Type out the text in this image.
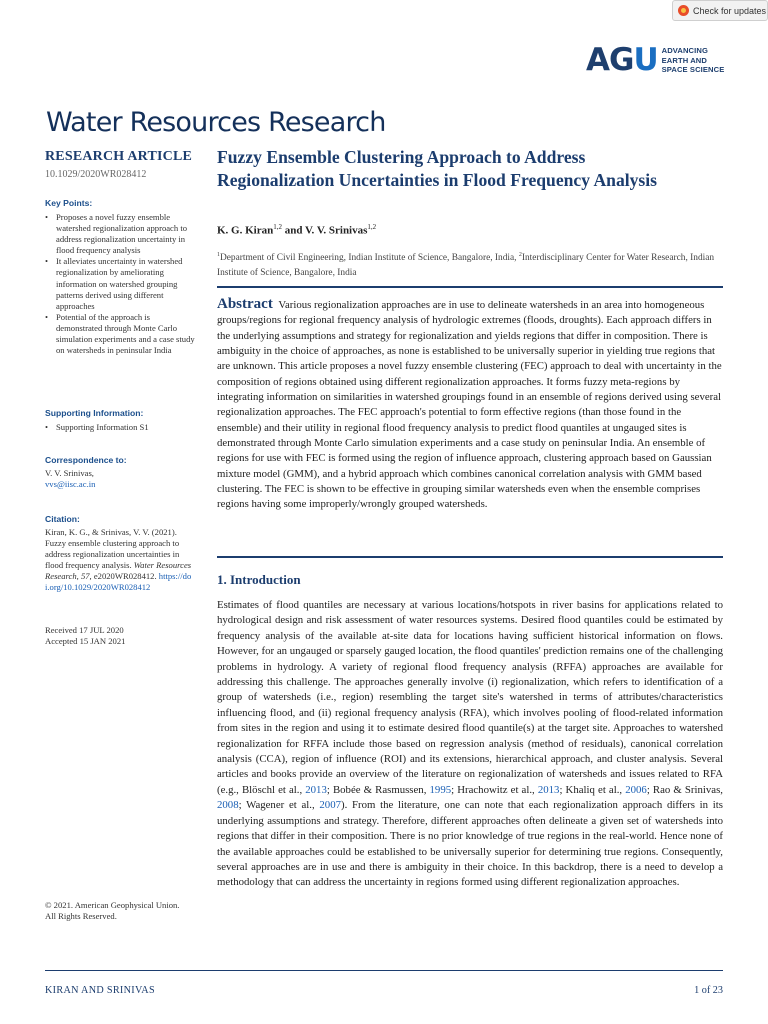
Check for updates
AGU ADVANCING
EARTH AND
SPACE SCIENCE
Water Resources Research
RESEARCH ARTICLE
10.1029/2020WR028412
Key Points:
• Proposes a novel fuzzy ensemble watershed regionalization approach to address regionalization uncertainty in flood frequency analysis
• It alleviates uncertainty in watershed regionalization by ameliorating information on watershed grouping patterns derived using different approaches
• Potential of the approach is demonstrated through Monte Carlo simulation experiments and a case study on watersheds in peninsular India
Supporting Information:
• Supporting Information S1
Correspondence to:
V. V. Srinivas,
vvs@iisc.ac.in
Citation:
Kiran, K. G., & Srinivas, V. V. (2021). Fuzzy ensemble clustering approach to address regionalization uncertainties in flood frequency analysis. Water Resources Research, 57, e2020WR028412. https://doi.org/10.1029/2020WR028412
Received 17 JUL 2020
Accepted 15 JAN 2021
© 2021. American Geophysical Union.
All Rights Reserved.
Fuzzy Ensemble Clustering Approach to Address Regionalization Uncertainties in Flood Frequency Analysis
K. G. Kiran$^{1,2}$ and V. V. Srinivas$^{1,2}$
$^1$Department of Civil Engineering, Indian Institute of Science, Bangalore, India, $^2$Interdisciplinary Center for Water Research, Indian Institute of Science, Bangalore, India
Abstract Various regionalization approaches are in use to delineate watersheds in an area into homogeneous groups/regions for regional frequency analysis of hydrologic extremes (floods, droughts). Each approach differs in the underlying assumptions and strategy for regionalization and yields regions that differ in composition. There is ambiguity in the choice of approaches, as none is established to be universally superior in yielding true regions that are unknown. This article proposes a novel fuzzy ensemble clustering (FEC) approach to deal with uncertainty in the composition of regions obtained using different regionalization approaches. It forms fuzzy meta-regions by integrating information on similarities in watershed groupings found in an ensemble of regions derived using several regionalization approaches. The FEC approach's potential to form effective regions (than those found in the ensemble) and their utility in regional flood frequency analysis to predict flood quantiles at ungauged sites is demonstrated through Monte Carlo simulation experiments and a case study on peninsular India. An ensemble of regions for use with FEC is formed using the region of influence approach, clustering approach based on Gaussian mixture model (GMM), and a hybrid approach which combines canonical correlation analysis with GMM based clustering. The FEC is shown to be effective in grouping similar watersheds even when the ensemble comprises regions having some improperly/wrongly grouped watersheds.
1. Introduction
Estimates of flood quantiles are necessary at various locations/hotspots in river basins for applications related to hydrological design and risk assessment of water resources systems. Desired flood quantiles could be estimated by frequency analysis of the available at-site data for locations having sufficient historical information on flows. However, for an ungauged or sparsely gauged location, the flood quantiles' prediction remains one of the challenging problems in hydrology. A variety of regional flood frequency analysis (RFFA) approaches are available for addressing this challenge. The approaches generally involve (i) regionalization, which refers to identification of a group of watersheds (i.e., region) resembling the target site's watershed in terms of attributes/characteristics influencing flood, and (ii) regional frequency analysis (RFA), which involves pooling of flood-related information from sites in the region and using it to estimate desired flood quantile(s) at the target site. Approaches to watershed regionalization for RFFA include those based on regression analysis (method of residuals), canonical correlation analysis (CCA), region of influence (ROI) and its extensions, hierarchical approach, and cluster analysis. Several articles and books provide an overview of the literature on regionalization of watersheds and issues related to RFA (e.g., Blöschl et al., 2013; Bobée & Rasmussen, 1995; Hrachowitz et al., 2013; Khaliq et al., 2006; Rao & Srinivas, 2008; Wagener et al., 2007). From the literature, one can note that each regionalization approach differs in its underlying assumptions and strategy. Therefore, different approaches often delineate a given set of watersheds into regions that differ in their composition. There is no prior knowledge of true regions in the real-world. Hence none of the available approaches could be established to be universally superior for determining true regions. Consequently, several approaches are in use and there is ambiguity in their choice. In this backdrop, there is a need to develop a methodology that can address the uncertainty in regions formed using different regionalization approaches.
KIRAN AND SRINIVAS	1 of 23
